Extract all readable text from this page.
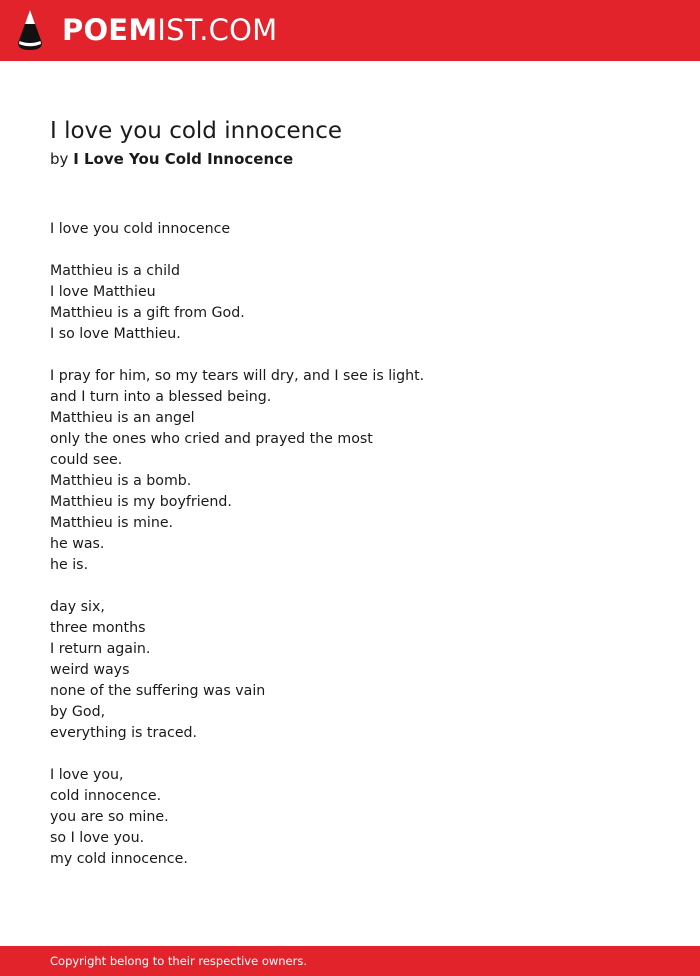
POEMIST.COM
I love you cold innocence
by I Love You Cold Innocence
I love you cold innocence
Matthieu is a child
I love Matthieu
Matthieu is a gift from God.
I so love Matthieu.
I pray for him, so my tears will dry, and I see is light.
and I turn into a blessed being.
Matthieu is an angel
only the ones who cried and prayed the most
could see.
Matthieu is a bomb.
Matthieu is my boyfriend.
Matthieu is mine.
he was.
he is.
day six,
three months
I return again.
weird ways
none of the suffering was vain
by God,
everything is traced.
I love you,
cold innocence.
you are so mine.
so I love you.
my cold innocence.
Copyright belong to their respective owners.
